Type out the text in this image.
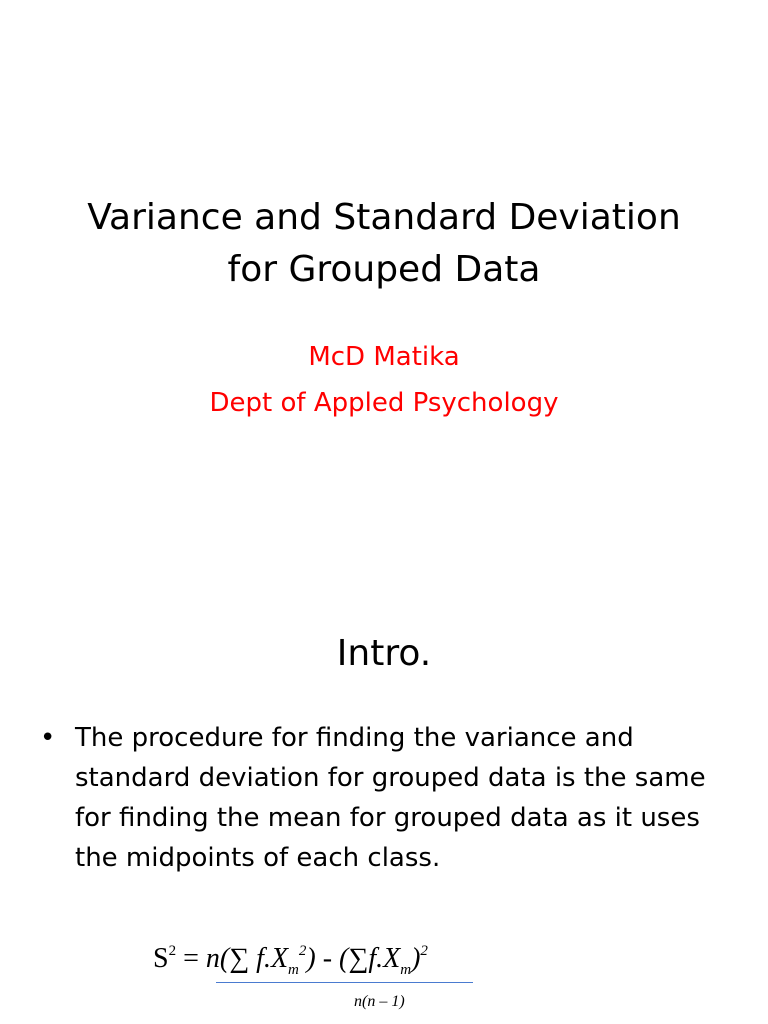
Variance and Standard Deviation
for Grouped Data
McD Matika
Dept of Appled Psychology
Intro.
• The procedure for finding the variance and standard deviation for grouped data is the same for finding the mean for grouped data as it uses the midpoints of each class.
$S^2 = n(\sum$ $f.X_m^2) - (\sum f.X_m)^2$
n(n – 1)
